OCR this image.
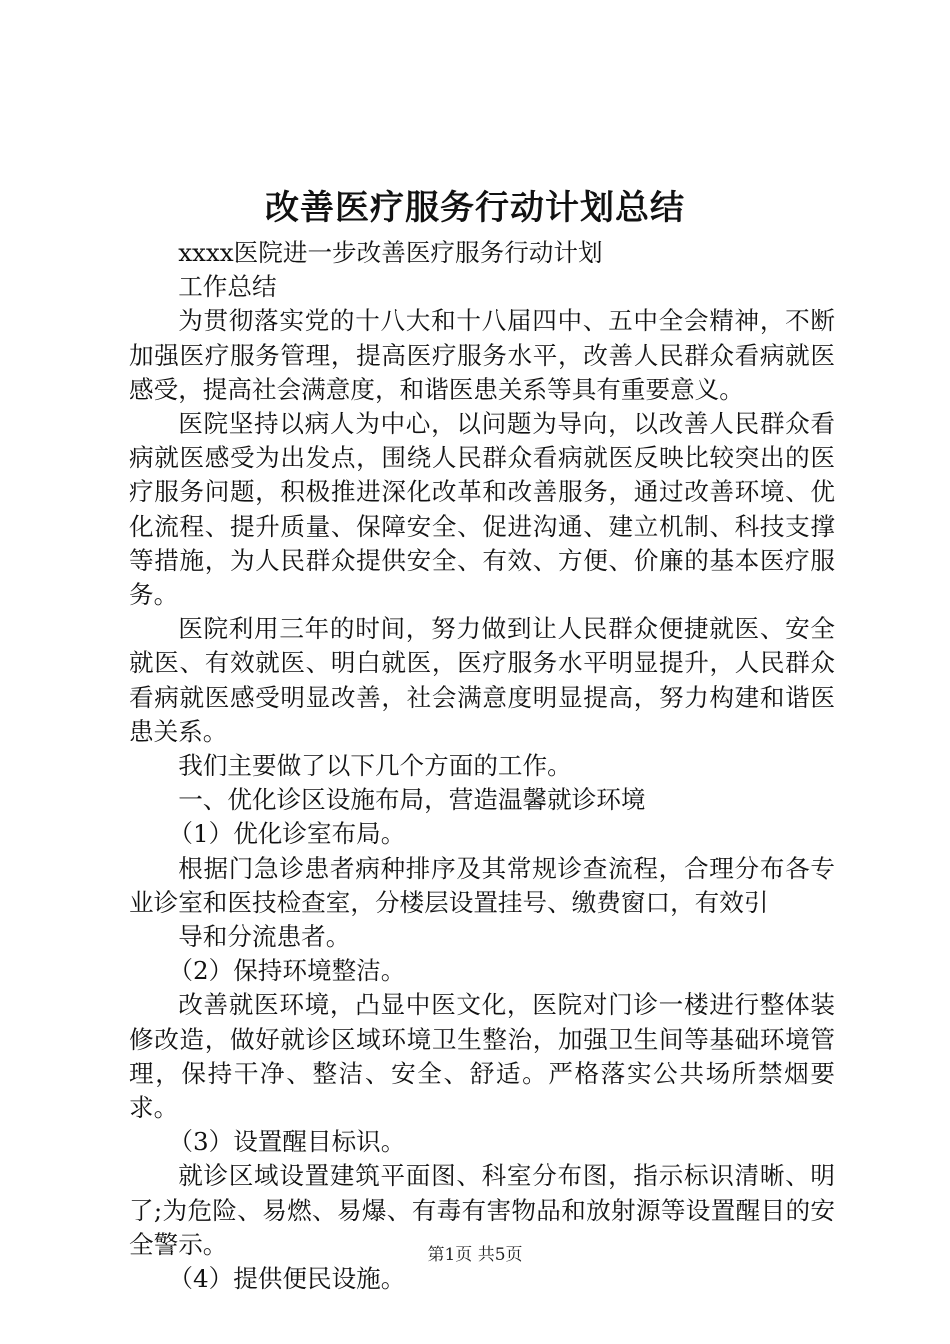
改善医疗服务行动计划总结

xxxx医院进一步改善医疗服务行动计划

工作总结

为贯彻落实党的十八大和十八届四中、五中全会精神，不断加强医疗服务管理，提高医疗服务水平，改善人民群众看病就医感受，提高社会满意度，和谐医患关系等具有重要意义。

医院坚持以病人为中心，以问题为导向，以改善人民群众看病就医感受为出发点，围绕人民群众看病就医反映比较突出的医疗服务问题，积极推进深化改革和改善服务，通过改善环境、优化流程、提升质量、保障安全、促进沟通、建立机制、科技支撑等措施，为人民群众提供安全、有效、方便、价廉的基本医疗服务。

医院利用三年的时间，努力做到让人民群众便捷就医、安全就医、有效就医、明白就医，医疗服务水平明显提升，人民群众看病就医感受明显改善，社会满意度明显提高，努力构建和谐医患关系。

我们主要做了以下几个方面的工作。

一、优化诊区设施布局，营造温馨就诊环境

（1）优化诊室布局。

根据门急诊患者病种排序及其常规诊查流程，合理分布各专业诊室和医技检查室，分楼层设置挂号、缴费窗口，有效引

导和分流患者。

（2）保持环境整洁。

改善就医环境，凸显中医文化，医院对门诊一楼进行整体装修改造，做好就诊区域环境卫生整治，加强卫生间等基础环境管理，保持干净、整洁、安全、舒适。严格落实公共场所禁烟要求。

（3）设置醒目标识。

就诊区域设置建筑平面图、科室分布图，指示标识清晰、明了;为危险、易燃、易爆、有毒有害物品和放射源等设置醒目的安全警示。

（4）提供便民设施。

第1页 共5页
